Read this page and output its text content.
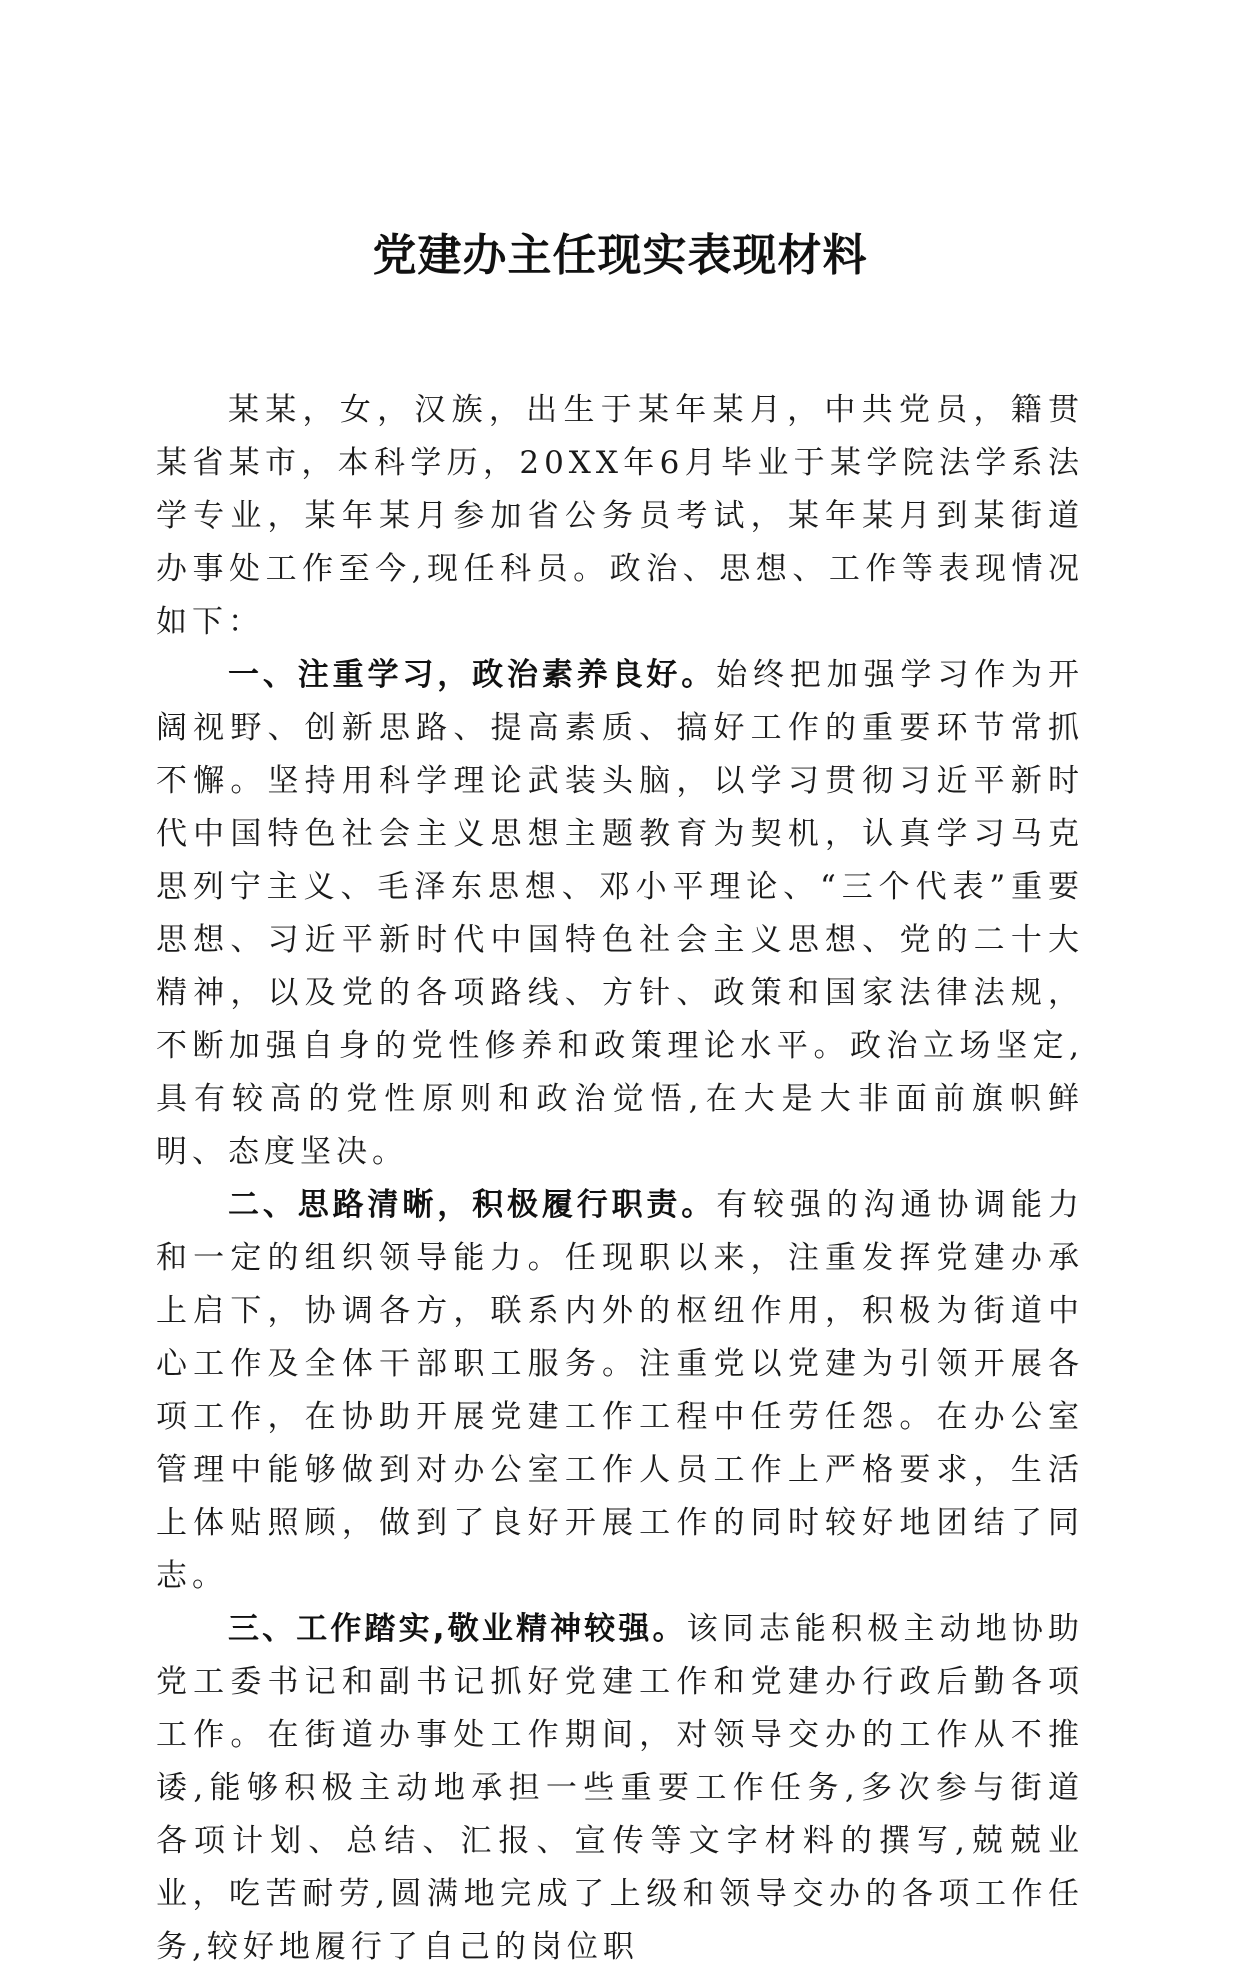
党建办主任现实表现材料

某某，女，汉族，出生于某年某月，中共党员，籍贯某省某市，本科学历，20XX年6月毕业于某学院法学系法学专业，某年某月参加省公务员考试，某年某月到某街道办事处工作至今,现任科员。政治、思想、工作等表现情况如下：

一、注重学习，政治素养良好。始终把加强学习作为开阔视野、创新思路、提高素质、搞好工作的重要环节常抓不懈。坚持用科学理论武装头脑，以学习贯彻习近平新时代中国特色社会主义思想主题教育为契机，认真学习马克思列宁主义、毛泽东思想、邓小平理论、“三个代表”重要思想、习近平新时代中国特色社会主义思想、党的二十大精神，以及党的各项路线、方针、政策和国家法律法规，不断加强自身的党性修养和政策理论水平。政治立场坚定,具有较高的党性原则和政治觉悟,在大是大非面前旗帜鲜明、态度坚决。

二、思路清晰，积极履行职责。有较强的沟通协调能力和一定的组织领导能力。任现职以来，注重发挥党建办承上启下，协调各方，联系内外的枢纽作用，积极为街道中心工作及全体干部职工服务。注重党以党建为引领开展各项工作，在协助开展党建工作工程中任劳任怨。在办公室管理中能够做到对办公室工作人员工作上严格要求，生活上体贴照顾，做到了良好开展工作的同时较好地团结了同志。

三、工作踏实,敬业精神较强。该同志能积极主动地协助党工委书记和副书记抓好党建工作和党建办行政后勤各项工作。在街道办事处工作期间，对领导交办的工作从不推诿,能够积极主动地承担一些重要工作任务,多次参与街道各项计划、总结、汇报、宣传等文字材料的撰写,兢兢业业，吃苦耐劳,圆满地完成了上级和领导交办的各项工作任务,较好地履行了自己的岗位职
